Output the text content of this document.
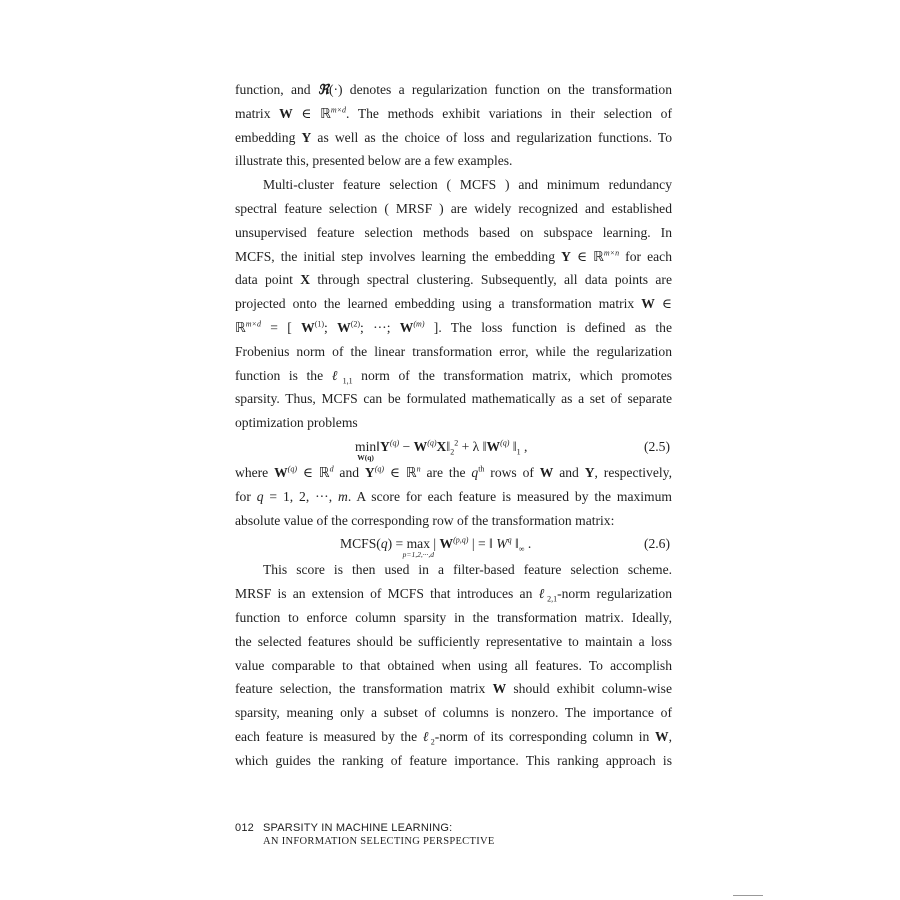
function, and ℜ(·) denotes a regularization function on the transformation
matrix W ∈ ℝ$^{m\times d}$. The methods exhibit variations in their selection of
embedding Y as well as the choice of loss and regularization functions. To
illustrate this, presented below are a few examples.
Multi-cluster feature selection ( MCFS ) and minimum redundancy
spectral feature selection ( MRSF ) are widely recognized and established
unsupervised feature selection methods based on subspace learning. In
MCFS, the initial step involves learning the embedding Y ∈ ℝ$^{m\times n}$ for each
data point X through spectral clustering. Subsequently, all data points are
projected onto the learned embedding using a transformation matrix W ∈
ℝ$^{m\times d}$ = [ $W^{(1)}$; $W^{(2)}$; ···; $W^{(m)}$ ]. The loss function is defined as the
Frobenius norm of the linear transformation error, while the regularization
function is the ℓ$_{1,1}$ norm of the transformation matrix, which promotes
sparsity. Thus, MCFS can be formulated mathematically as a set of separate
optimization problems
min
W(q)
$‖Y^{(q)}$ − $W^{(q)}X‖_2^2 + \lambda$ $‖W^{(q)}$ $‖_1$ ,	(2.5)
where $W^{(q)}$ ∈ ℝ$^d$ and $Y^{(q)}$ ∈ ℝ$^n$ are the $q^{th}$ rows of W and Y, respectively,
for q = 1, 2, ···, m. A score for each feature is measured by the maximum
absolute value of the corresponding row of the transformation matrix:
MCFS(q) = max
p=1,2,···,d
| W$^{(p,q)}$ | = ‖ $W^q$ $‖_\infty$ .	(2.6)
This score is then used in a filter-based feature selection scheme.
MRSF is an extension of MCFS that introduces an ℓ$_{2,1}$-norm regularization
function to enforce column sparsity in the transformation matrix. Ideally,
the selected features should be sufficiently representative to maintain a loss
value comparable to that obtained when using all features. To accomplish
feature selection, the transformation matrix W should exhibit column-wise
sparsity, meaning only a subset of columns is nonzero. The importance of
each feature is measured by the ℓ$_2$-norm of its corresponding column in W,
which guides the ranking of feature importance. This ranking approach is
012 SPARSITY IN MACHINE LEARNING:
AN INFORMATION SELECTING PERSPECTIVE
